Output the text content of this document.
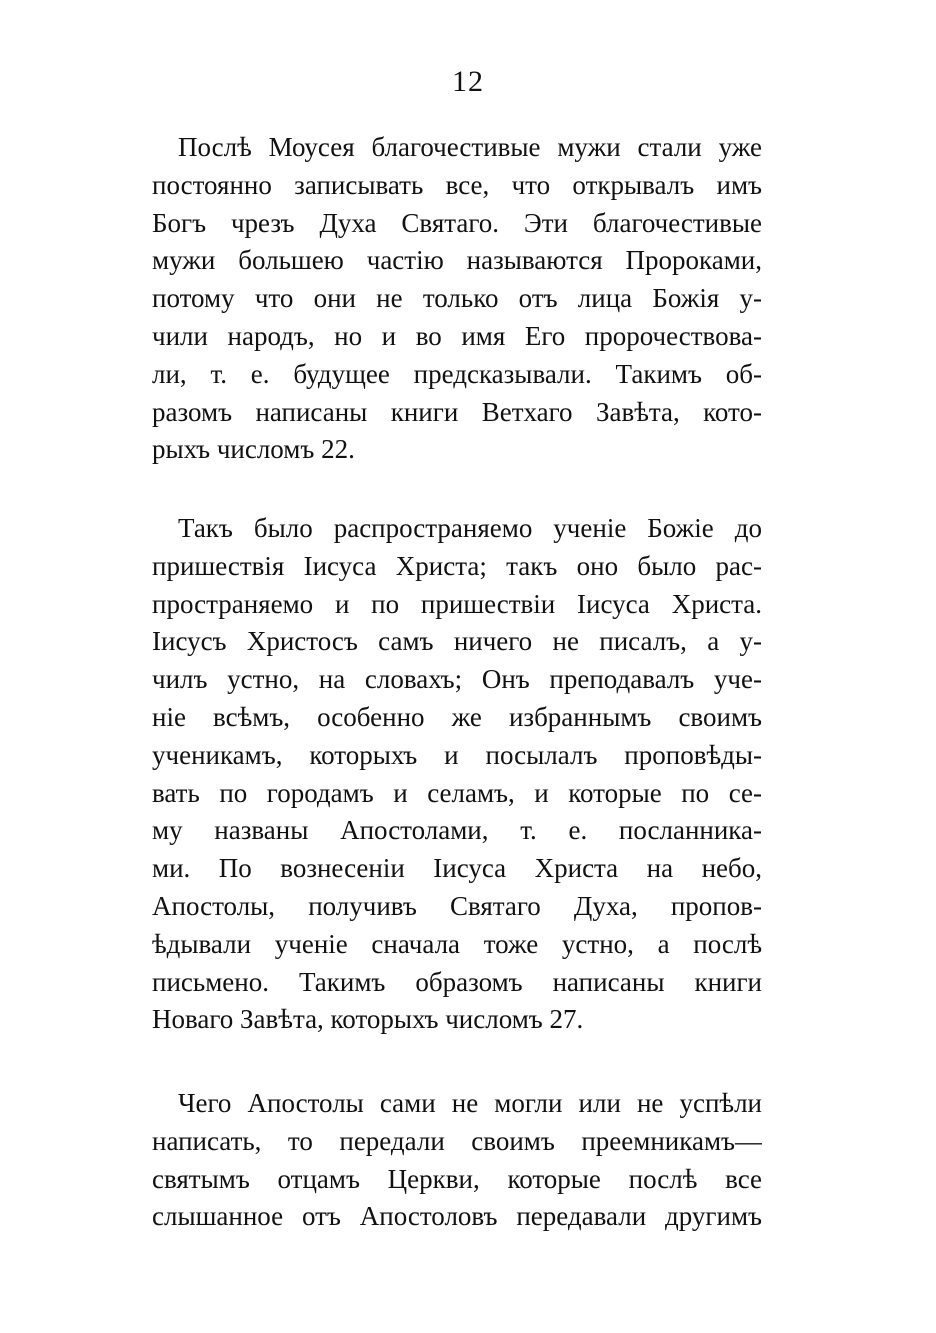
12
Послѣ Моусея благочестивые мужи стали уже
постоянно записывать все, что открывалъ имъ
Богъ чрезъ Духа Святаго. Эти благочестивые
мужи большею частію называются Пророками,
потому что они не только отъ лица Божія у-
чили народъ, но и во имя Его пророчествова-
ли, т. е. будущее предсказывали. Такимъ об-
разомъ написаны книги Ветхаго Завѣта, кото-
рыхъ числомъ 22.
Такъ было распространяемо ученіе Божіе до
пришествія Іисуса Христа; такъ оно было рас-
пространяемо и по пришествіи Іисуса Христа.
Іисусъ Христосъ самъ ничего не писалъ, а у-
чилъ устно, на словахъ; Онъ преподавалъ уче-
ніе всѣмъ, особенно же избраннымъ своимъ
ученикамъ, которыхъ и посылалъ проповѣды-
вать по городамъ и селамъ, и которые по се-
му названы Апостолами, т. е. посланника-
ми. По вознесеніи Іисуса Христа на небо,
Апостолы, получивъ Святаго Духа, пропов-
ѣдывали ученіе сначала тоже устно, а послѣ
письмено. Такимъ образомъ написаны книги
Новаго Завѣта, которыхъ числомъ 27.
Чего Апостолы сами не могли или не успѣли
написать, то передали своимъ преемникамъ—
святымъ отцамъ Церкви, которые послѣ все
слышанное отъ Апостоловъ передавали другимъ
